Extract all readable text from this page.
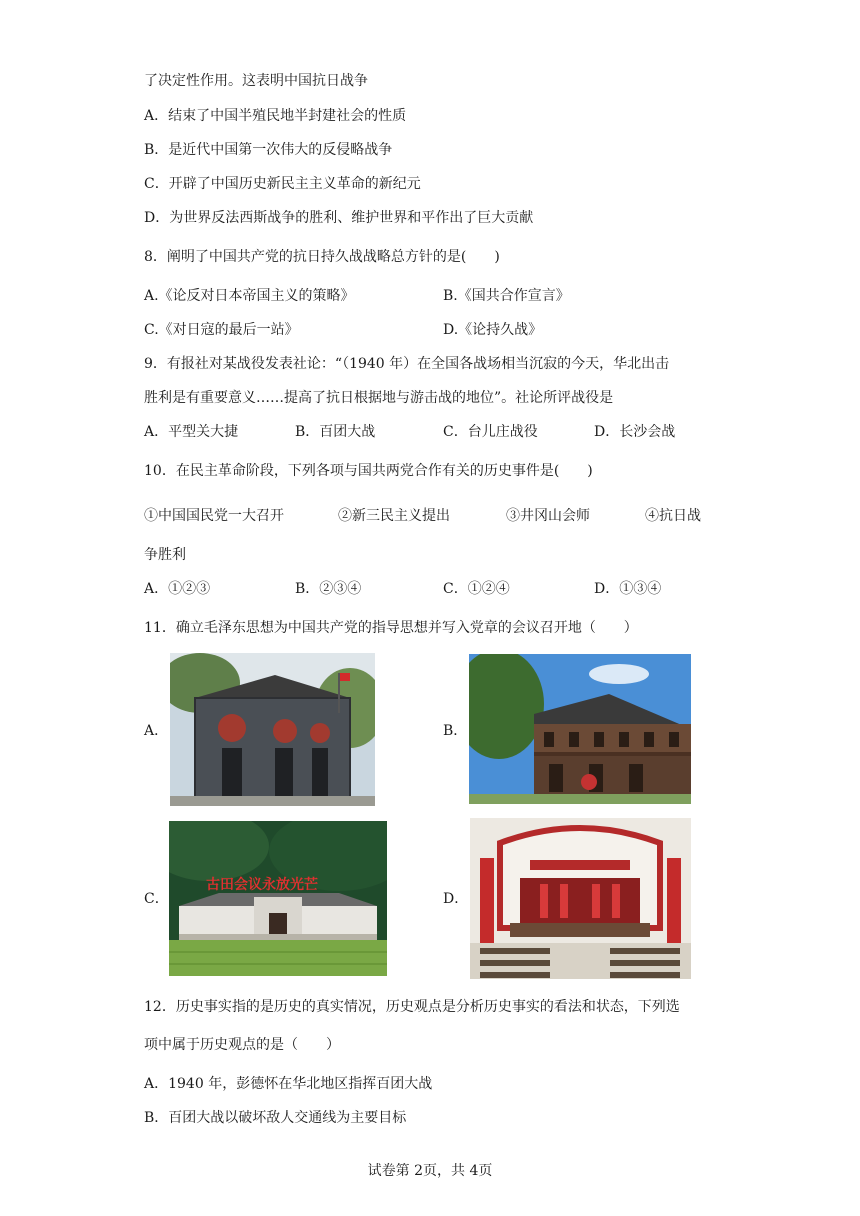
了决定性作用。这表明中国抗日战争
A．结束了中国半殖民地半封建社会的性质
B．是近代中国第一次伟大的反侵略战争
C．开辟了中国历史新民主主义革命的新纪元
D．为世界反法西斯战争的胜利、维护世界和平作出了巨大贡献
8．阐明了中国共产党的抗日持久战战略总方针的是(　　)
A.《论反对日本帝国主义的策略》	B.《国共合作宣言》
C.《对日寇的最后一站》	D.《论持久战》
9．有报社对某战役发表社论：“（1940 年）在全国各战场相当沉寂的今天，华北出击
胜利是有重要意义……提高了抗日根据地与游击战的地位”。社论所评战役是
A．平型关大捷	B．百团大战	C．台儿庄战役	D．长沙会战
10．在民主革命阶段，下列各项与国共两党合作有关的历史事件是(　　)
①中国国民党一大召开	②新三民主义提出	③井冈山会师	④抗日战
争胜利
A．①②③	B．②③④	C．①②④	D．①③④
11．确立毛泽东思想为中国共产党的指导思想并写入党章的会议召开地（　　）
A．	B．
C．
古田会议永放光芒
D．
12．历史事实指的是历史的真实情况，历史观点是分析历史事实的看法和状态，下列选
项中属于历史观点的是（　　）
A．1940 年，彭德怀在华北地区指挥百团大战
B．百团大战以破坏敌人交通线为主要目标
试卷第 2页，共 4页
